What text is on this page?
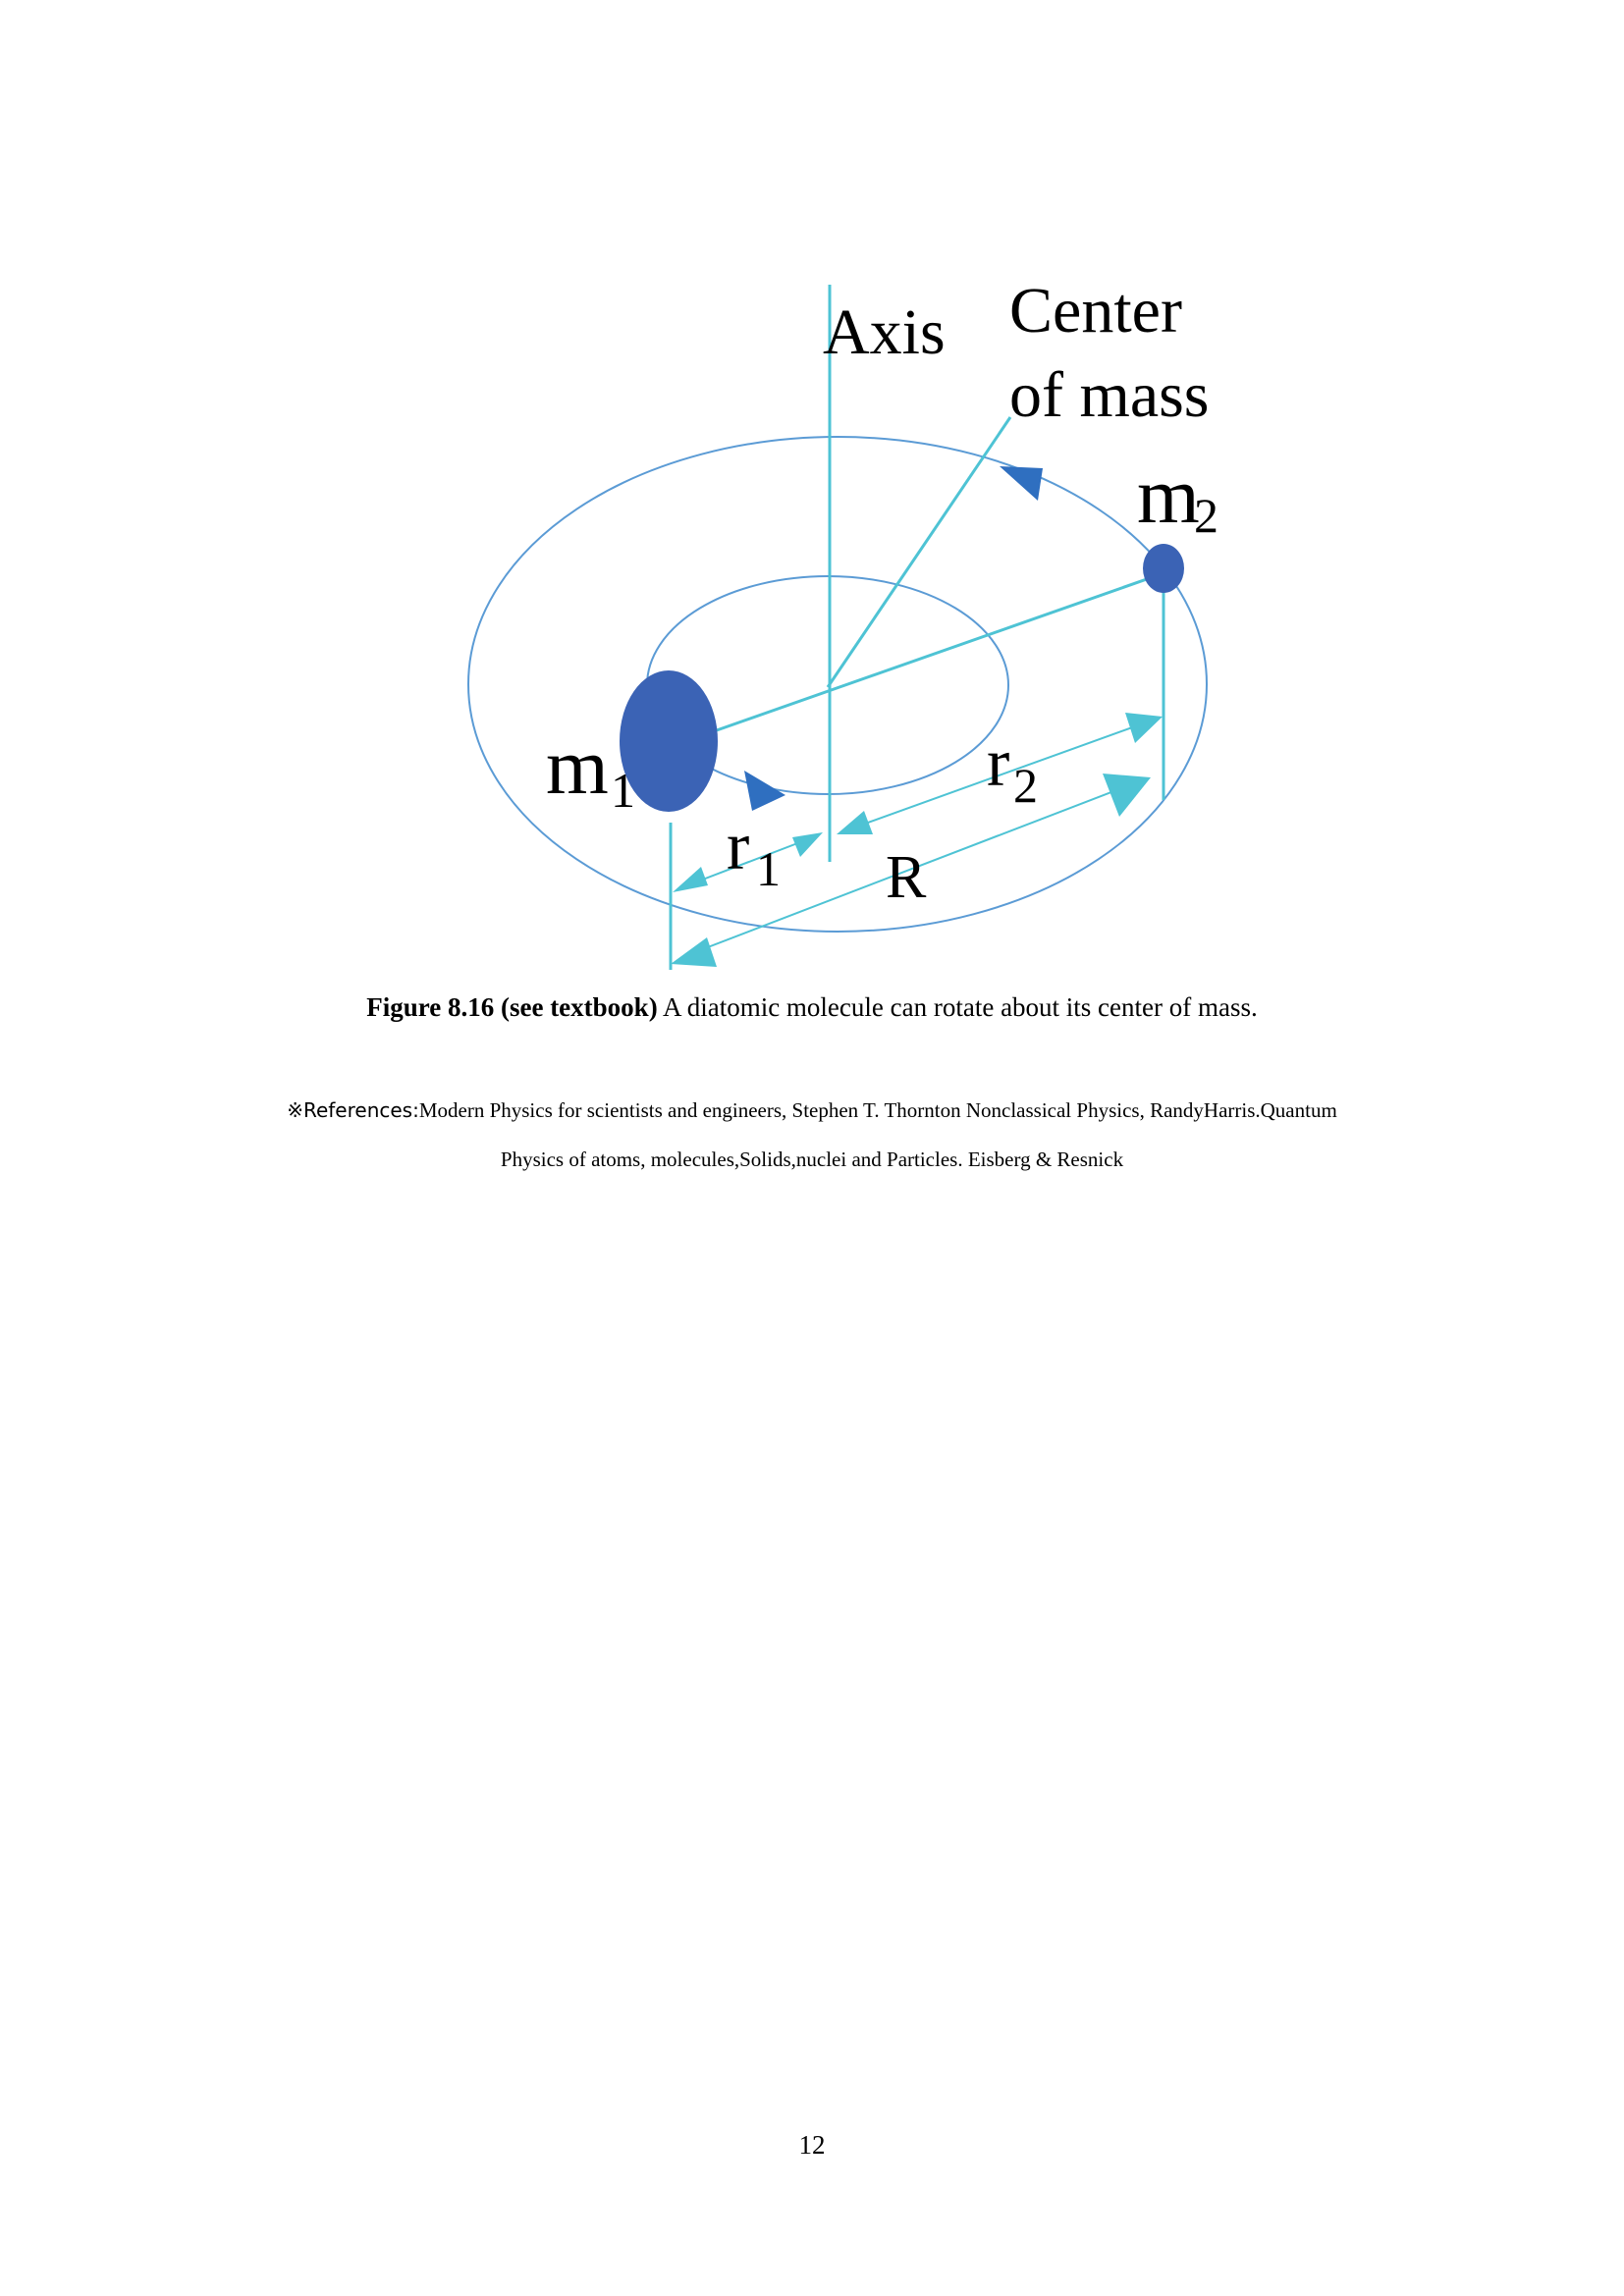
Axis Center
of mass
m 1
m
2
r 1
r 2
R
Figure 8.16 (see textbook) A diatomic molecule can rotate about its center of mass.
※References:Modern Physics for scientists and engineers, Stephen T. Thornton Nonclassical Physics, RandyHarris.Quantum
Physics of atoms, molecules,Solids,nuclei and Particles. Eisberg & Resnick
12
